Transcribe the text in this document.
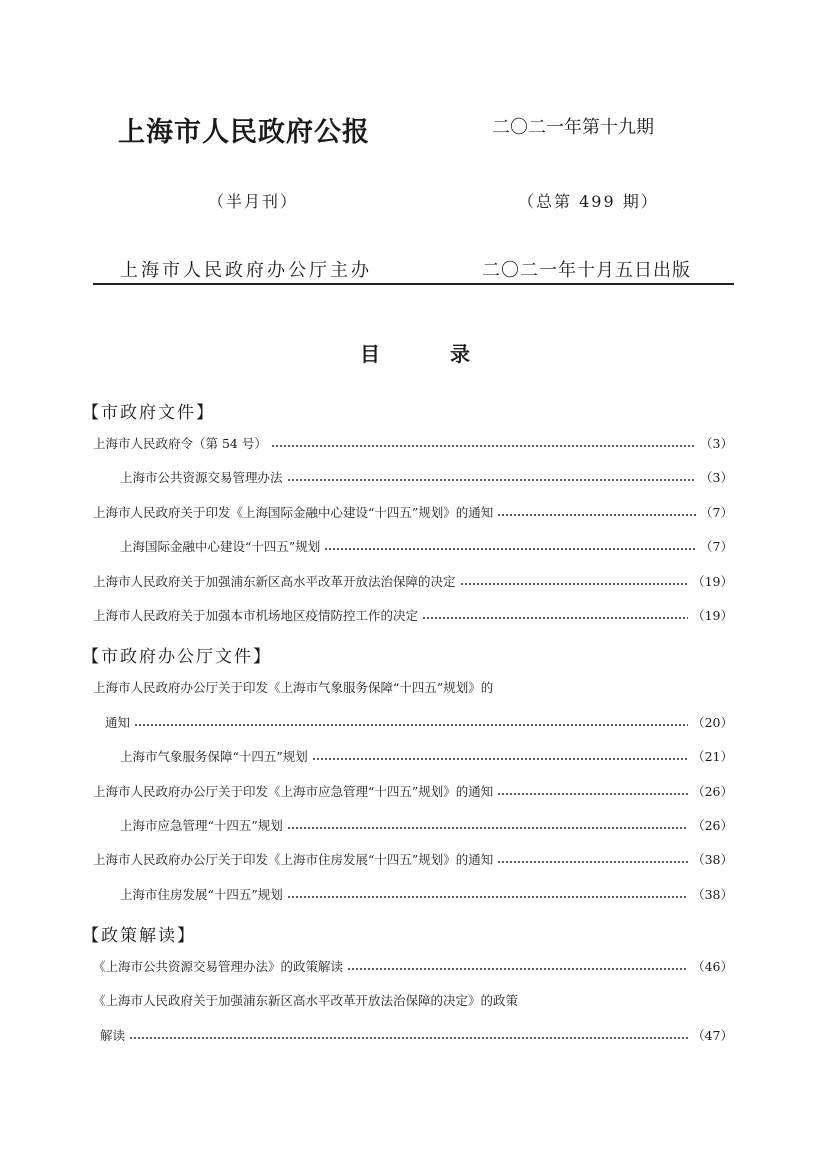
上海市人民政府公报	二〇二一年第十九期
（半月刊）	（总第 499 期）
上海市人民政府办公厅主办	二〇二一年十月五日出版
目	录
【市政府文件】
上海市人民政府令（第 54 号）	（3）
上海市公共资源交易管理办法	（3）
上海市人民政府关于印发《上海国际金融中心建设“十四五”规划》的通知	（7）
上海国际金融中心建设“十四五”规划	（7）
上海市人民政府关于加强浦东新区高水平改革开放法治保障的决定	（19）
上海市人民政府关于加强本市机场地区疫情防控工作的决定	（19）
【市政府办公厅文件】
上海市人民政府办公厅关于印发《上海市气象服务保障“十四五”规划》的
通知	（20）
上海市气象服务保障“十四五”规划	（21）
上海市人民政府办公厅关于印发《上海市应急管理“十四五”规划》的通知	（26）
上海市应急管理“十四五”规划	（26）
上海市人民政府办公厅关于印发《上海市住房发展“十四五”规划》的通知	（38）
上海市住房发展“十四五”规划	（38）
【政策解读】
《上海市公共资源交易管理办法》的政策解读	（46）
《上海市人民政府关于加强浦东新区高水平改革开放法治保障的决定》的政策
解读	（47）
